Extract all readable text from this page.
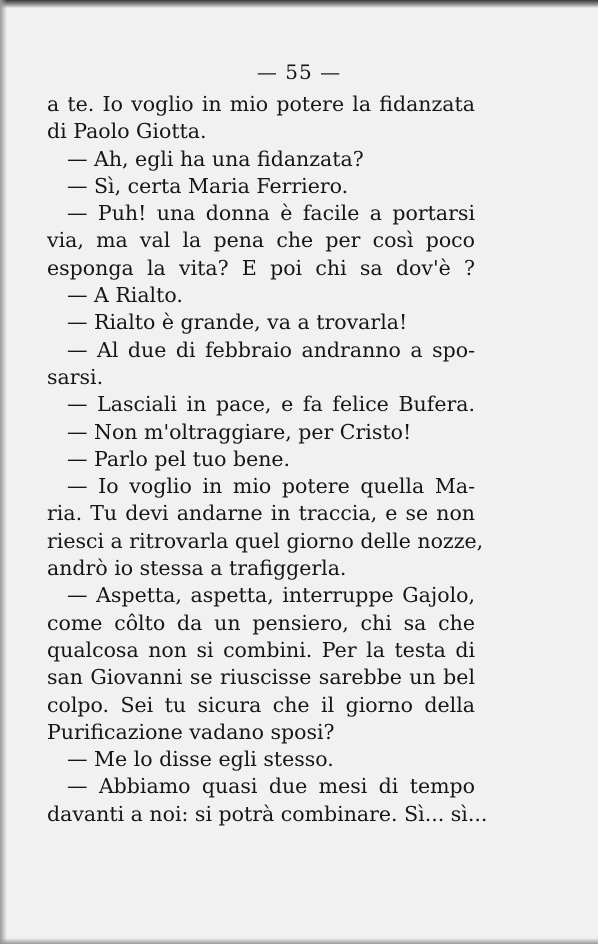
— 55 —
a te. Io voglio in mio potere la fidanzata
di Paolo Giotta.
— Ah, egli ha una fidanzata?
— Sì, certa Maria Ferriero.
— Puh! una donna è facile a portarsi
via, ma val la pena che per così poco
esponga la vita? E poi chi sa dov'è ?
— A Rialto.
— Rialto è grande, va a trovarla!
— Al due di febbraio andranno a spo-
sarsi.
— Lasciali in pace, e fa felice Bufera.
— Non m'oltraggiare, per Cristo!
— Parlo pel tuo bene.
— Io voglio in mio potere quella Ma-
ria. Tu devi andarne in traccia, e se non
riesci a ritrovarla quel giorno delle nozze,
andrò io stessa a trafiggerla.
— Aspetta, aspetta, interruppe Gajolo,
come côlto da un pensiero, chi sa che
qualcosa non si combini. Per la testa di
san Giovanni se riuscisse sarebbe un bel
colpo. Sei tu sicura che il giorno della
Purificazione vadano sposi?
— Me lo disse egli stesso.
— Abbiamo quasi due mesi di tempo
davanti a noi: si potrà combinare. Sì... sì...
